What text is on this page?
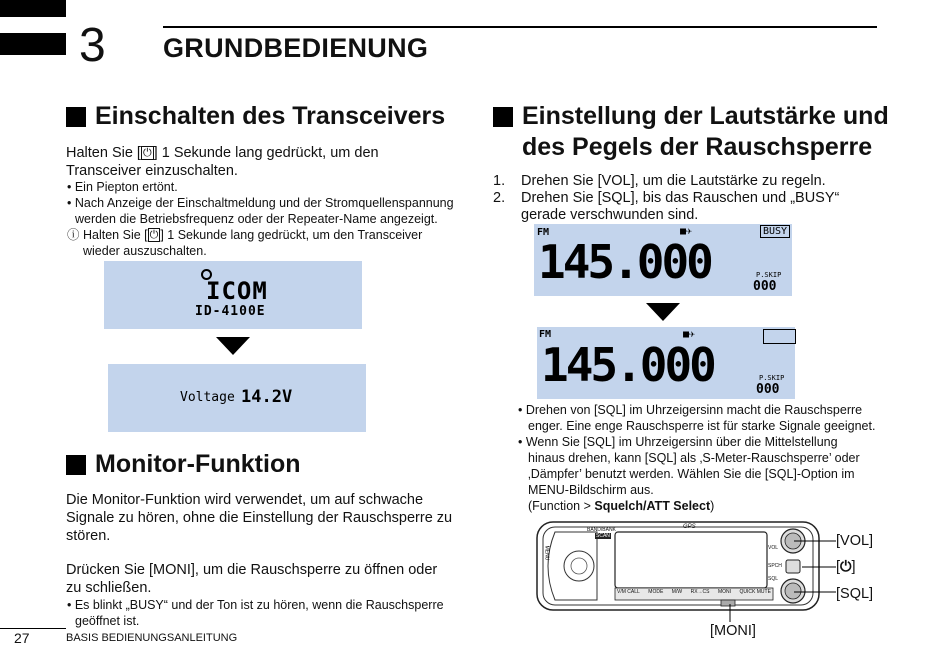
3 GRUNDBEDIENUNG
Einschalten des Transceivers
Halten Sie [ ⏻ ] 1 Sekunde lang gedrückt, um den
Transceiver einzuschalten.
• Ein Piepton ertönt.
• Nach Anzeige der Einschaltmeldung und der Stromquellenspannung
werden die Betriebsfrequenz oder der Repeater-Name angezeigt.
ⓘ Halten Sie [ ⏻ ] 1 Sekunde lang gedrückt, um den Transceiver
wieder auszuschalten.
ICOM
ID-4100E
Voltage 14.2V
Monitor-Funktion
Die Monitor-Funktion wird verwendet, um auf schwache
Signale zu hören, ohne die Einstellung der Rauschsperre zu
stören.
Drücken Sie [MONI], um die Rauschsperre zu öffnen oder
zu schließen.
• Es blinkt „BUSY“ und der Ton ist zu hören, wenn die Rauschsperre
geöffnet ist.
Einstellung der Lautstärke und
des Pegels der Rauschsperre
1. Drehen Sie [VOL], um die Lautstärke zu regeln.
2. Drehen Sie [SQL], bis das Rauschen und „BUSY“
gerade verschwunden sind.
FM	■✈	BUSY
145.000	P.SKIP
000
FM	■✈
145.000	P.SKIP
000
• Drehen von [SQL] im Uhrzeigersinn macht die Rauschsperre
enger. Eine enge Rauschsperre ist für starke Signale geeignet.
• Wenn Sie [SQL] im Uhrzeigersinn über die Mittelstellung
hinaus drehen, kann [SQL] als ‚S-Meter-Rauschsperre’ oder
‚Dämpfer’ benutzt werden. Wählen Sie die [SQL]-Option im
MENU-Bildschirm aus.
(Function > Squelch/ATT Select)
BAND/BANK
SCAN
GPS
VOL
SPCH
SQL
MENU
V/M CALL MODE M/W RX→CS MONI QUICK MUTE
[VOL]
[⏻]
[SQL]
[MONI]
27	BASIS BEDIENUNGSANLEITUNG
